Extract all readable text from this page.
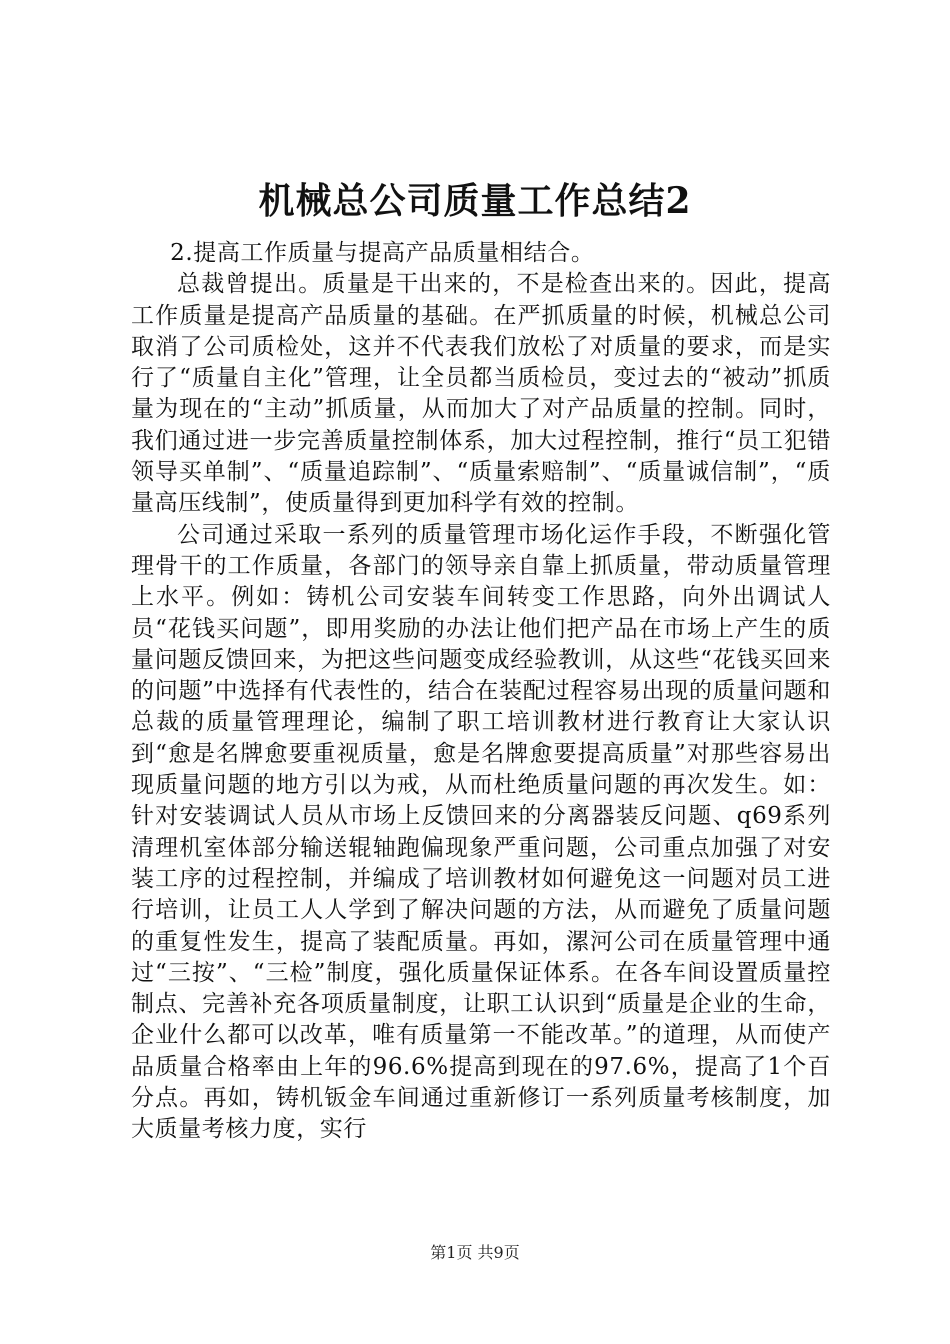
机械总公司质量工作总结2

2.提高工作质量与提高产品质量相结合。

总裁曾提出。质量是干出来的，不是检查出来的。因此，提高工作质量是提高产品质量的基础。在严抓质量的时候，机械总公司取消了公司质检处，这并不代表我们放松了对质量的要求，而是实行了“质量自主化”管理，让全员都当质检员，变过去的“被动”抓质量为现在的“主动”抓质量，从而加大了对产品质量的控制。同时，我们通过进一步完善质量控制体系，加大过程控制，推行“员工犯错领导买单制”、“质量追踪制”、“质量索赔制”、“质量诚信制”，“质量高压线制”，使质量得到更加科学有效的控制。

公司通过采取一系列的质量管理市场化运作手段，不断强化管理骨干的工作质量，各部门的领导亲自靠上抓质量，带动质量管理上水平。例如：铸机公司安装车间转变工作思路，向外出调试人员“花钱买问题”，即用奖励的办法让他们把产品在市场上产生的质量问题反馈回来，为把这些问题变成经验教训，从这些“花钱买回来的问题”中选择有代表性的，结合在装配过程容易出现的质量问题和总裁的质量管理理论，编制了职工培训教材进行教育让大家认识到“愈是名牌愈要重视质量，愈是名牌愈要提高质量”对那些容易出现质量问题的地方引以为戒，从而杜绝质量问题的再次发生。如：针对安装调试人员从市场上反馈回来的分离器装反问题、q69系列清理机室体部分输送辊轴跑偏现象严重问题，公司重点加强了对安装工序的过程控制，并编成了培训教材如何避免这一问题对员工进行培训，让员工人人学到了解决问题的方法，从而避免了质量问题的重复性发生，提高了装配质量。再如，漯河公司在质量管理中通过“三按”、“三检”制度，强化质量保证体系。在各车间设置质量控制点、完善补充各项质量制度，让职工认识到“质量是企业的生命，企业什么都可以改革，唯有质量第一不能改革。”的道理，从而使产品质量合格率由上年的96.6%提高到现在的97.6%，提高了1个百分点。再如，铸机钣金车间通过重新修订一系列质量考核制度，加大质量考核力度，实行

第1页 共9页
